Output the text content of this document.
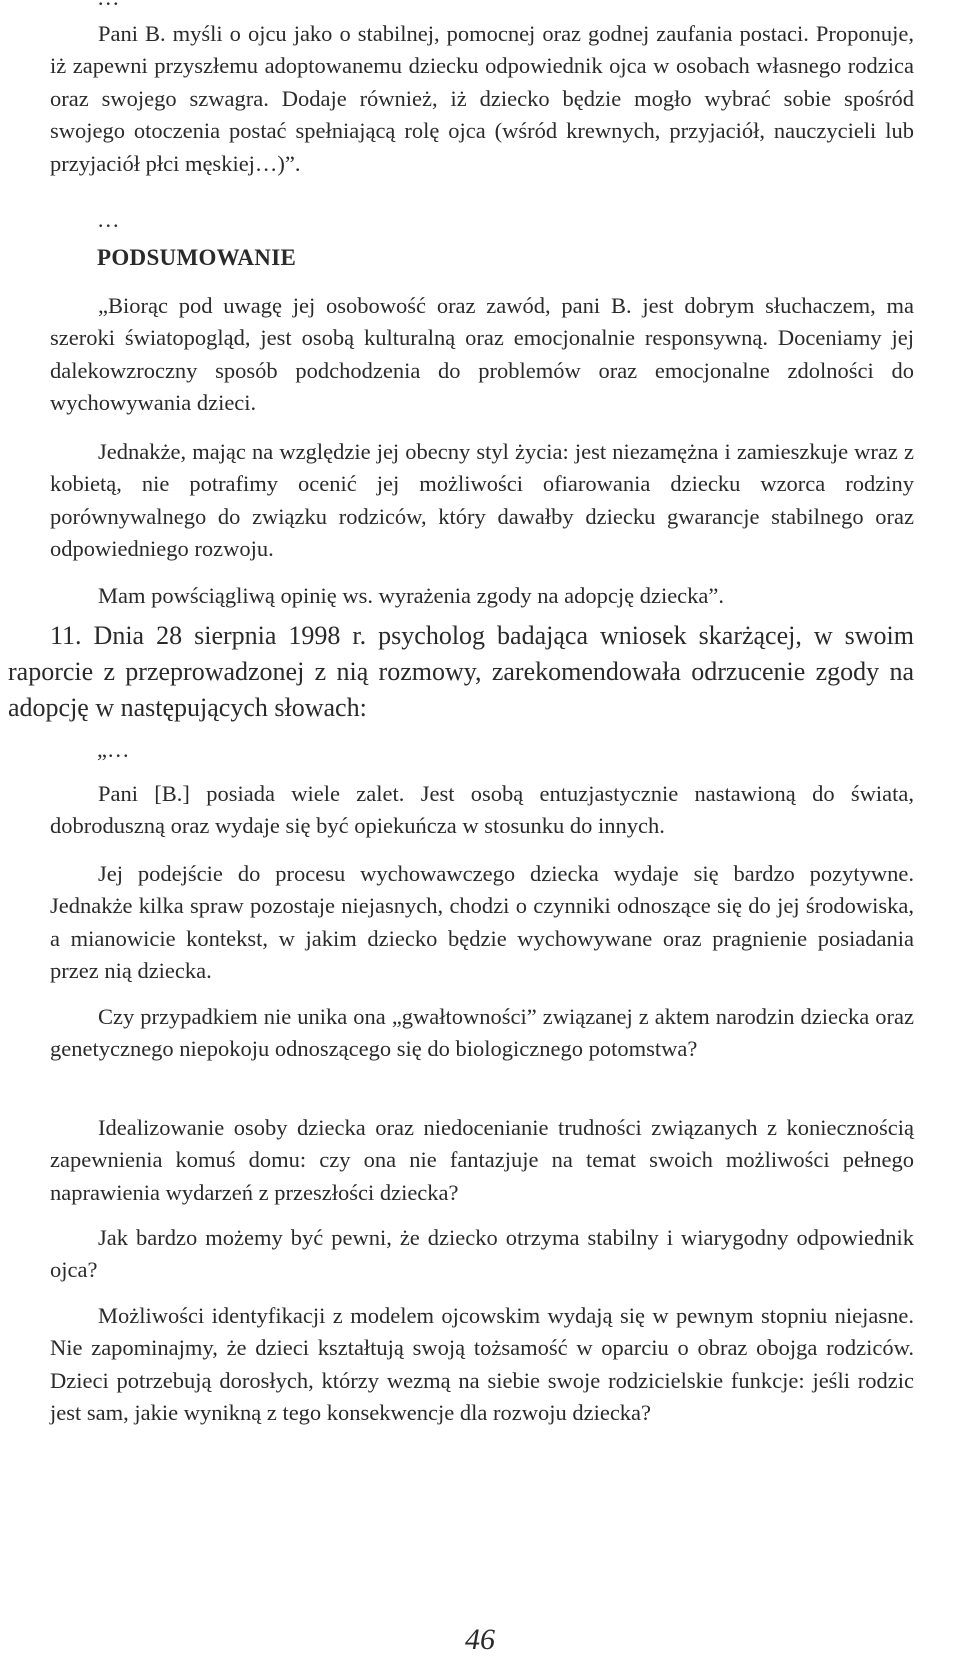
Pani B. myśli o ojcu jako o stabilnej, pomocnej oraz godnej zaufania postaci. Proponuje, iż zapewni przyszłemu adoptowanemu dziecku odpowiednik ojca w osobach własnego rodzica oraz swojego szwagra. Dodaje również, iż dziecko będzie mogło wybrać sobie spośród swojego otoczenia postać spełniającą rolę ojca (wśród krewnych, przyjaciół, nauczycieli lub przyjaciół płci męskiej…)”.

…
PODSUMOWANIE

„Biorąc pod uwagę jej osobowość oraz zawód, pani B. jest dobrym słuchaczem, ma szeroki światopogląd, jest osobą kulturalną oraz emocjonalnie responsywną. Doceniamy jej dalekowzroczny sposób podchodzenia do problemów oraz emocjonalne zdolności do wychowywania dzieci.

Jednakże, mając na względzie jej obecny styl życia: jest niezamężna i zamieszkuje wraz z kobietą, nie potrafimy ocenić jej możliwości ofiarowania dziecku wzorca rodziny porównywalnego do związku rodziców, który dawałby dziecku gwarancje stabilnego oraz odpowiedniego rozwoju.

Mam powściągliwą opinię ws. wyrażenia zgody na adopcję dziecka”.

11. Dnia 28 sierpnia 1998 r. psycholog badająca wniosek skarżącej, w swoim raporcie z przeprowadzonej z nią rozmowy, zarekomendowała odrzucenie zgody na adopcję w następujących słowach:

„…

Pani [B.] posiada wiele zalet. Jest osobą entuzjastycznie nastawioną do świata, dobroduszną oraz wydaje się być opiekuńcza w stosunku do innych.

Jej podejście do procesu wychowawczego dziecka wydaje się bardzo pozytywne. Jednakże kilka spraw pozostaje niejasnych, chodzi o czynniki odnoszące się do jej środowiska, a mianowicie kontekst, w jakim dziecko będzie wychowywane oraz pragnienie posiadania przez nią dziecka.

Czy przypadkiem nie unika ona „gwałtowności” związanej z aktem narodzin dziecka oraz genetycznego niepokoju odnoszącego się do biologicznego potomstwa?

Idealizowanie osoby dziecka oraz niedocenianie trudności związanych z koniecznością zapewnienia komuś domu: czy ona nie fantazjuje na temat swoich możliwości pełnego naprawienia wydarzeń z przeszłości dziecka?

Jak bardzo możemy być pewni, że dziecko otrzyma stabilny i wiarygodny odpowiednik ojca?

Możliwości identyfikacji z modelem ojcowskim wydają się w pewnym stopniu niejasne. Nie zapominajmy, że dzieci kształtują swoją tożsamość w oparciu o obraz obojga rodziców. Dzieci potrzebują dorosłych, którzy wezmą na siebie swoje rodzicielskie funkcje: jeśli rodzic jest sam, jakie wynikną z tego konsekwencje dla rozwoju dziecka?

46
